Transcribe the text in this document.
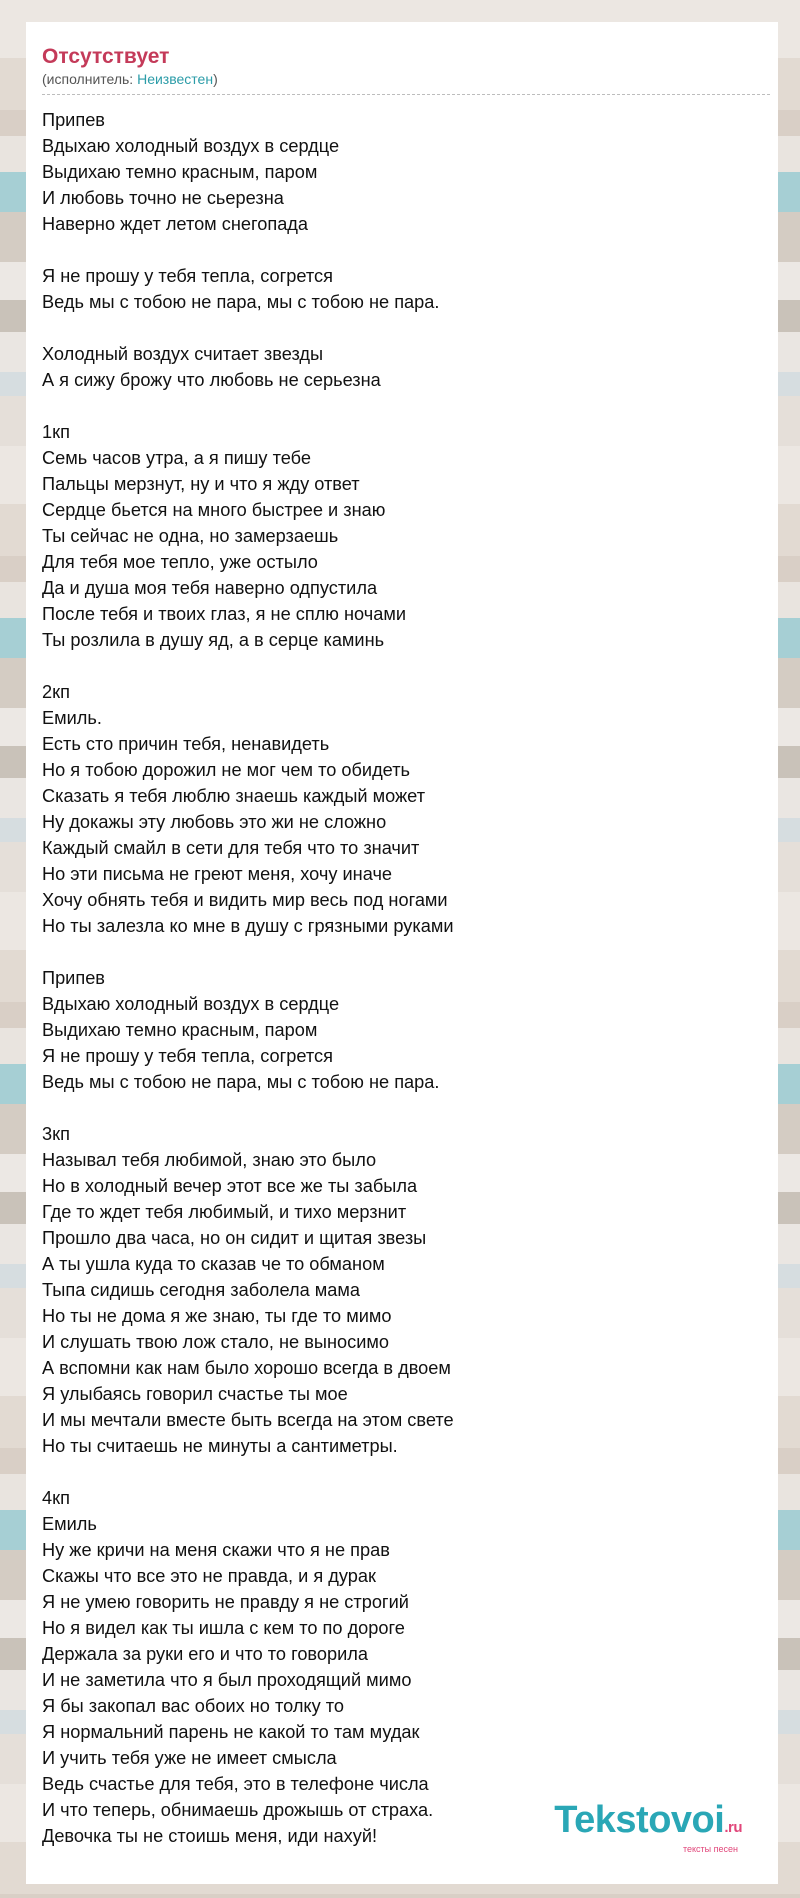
Отсутствует
(исполнитель: Неизвестен)
Припев
Вдыхаю холодный воздух в сердце
Выдихаю темно красным, паром
И любовь точно не сьерезна
Наверно ждет летом снегопада
Я не прошу у тебя тепла, согрется
Ведь мы с тобою не пара, мы с тобою не пара.
Холодный воздух считает звезды
А я сижу брожу что любовь не серьезна
1кп
Семь часов утра, а я пишу тебе
Пальцы мерзнут, ну и что я жду ответ
Сердце бьется на много быстрее и знаю
Ты сейчас не одна, но замерзаешь
Для тебя мое тепло, уже остыло
Да и душа моя тебя наверно одпустила
После тебя и твоих глаз, я не сплю ночами
Ты розлила в душу яд, а в серце каминь
2кп
Емиль.
Есть сто причин тебя, ненавидеть
Но я тобою дорожил не мог чем то обидеть
Сказать я тебя люблю знаешь каждый может
Ну докажы эту любовь это жи не сложно
Каждый смайл в сети для тебя что то значит
Но эти письма не греют меня, хочу иначе
Хочу обнять тебя и видить мир весь под ногами
Но ты залезла ко мне в душу с грязными руками
Припев
Вдыхаю холодный воздух в сердце
Выдихаю темно красным, паром
Я не прошу у тебя тепла, согрется
Ведь мы с тобою не пара, мы с тобою не пара.
3кп
Называл тебя любимой, знаю это было
Но в холодный вечер этот все же ты забыла
Где то ждет тебя любимый, и тихо мерзнит
Прошло два часа, но он сидит и щитая звезы
А ты ушла куда то сказав че то обманом
Тыпа сидишь сегодня заболела мама
Но ты не дома я же знаю, ты где то мимо
И слушать твою лож стало, не выносимо
А вспомни как нам было хорошо всегда в двоем
Я улыбаясь говорил счастье ты мое
И мы мечтали вместе быть всегда на этом свете
Но ты считаешь не минуты а сантиметры.
4кп
Емиль
Ну же кричи на меня скажи что я не прав
Скажы что все это не правда, и я дурак
Я не умею говорить не правду я не строгий
Но я видел как ты ишла с кем то по дороге
Держала за руки его и что то говорила
И не заметила что я был проходящий мимо
Я бы закопал вас обоих но толку то
Я нормальний парень не какой то там мудак
И учить тебя уже не имеет смысла
Ведь счастье для тебя, это в телефоне числа
И что теперь, обнимаешь дрожышь от страха.
Девочка ты не стоишь меня, иди нахуй!	Tekstovoi.ru
тексты песен
